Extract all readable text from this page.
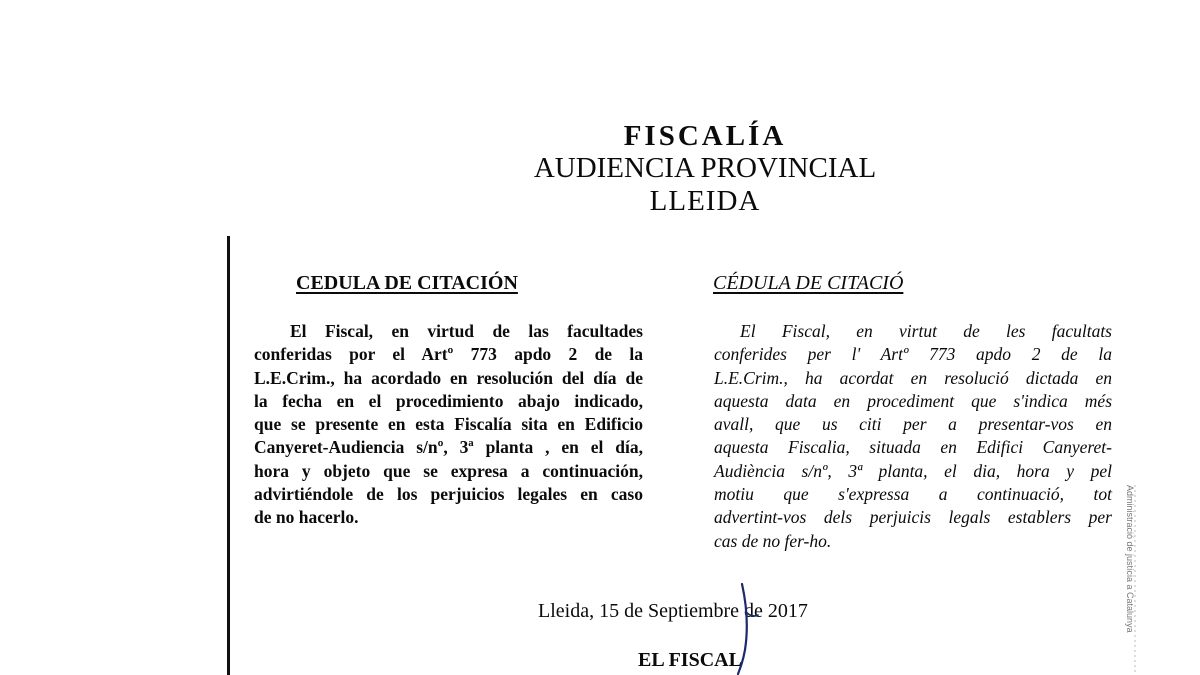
FISCALÍA
AUDIENCIA PROVINCIAL
LLEIDA
CEDULA DE CITACIÓN	CÉDULA DE CITACIÓ
El Fiscal, en virtud de las facultades
conferidas por el Artº 773 apdo 2 de la
L.E.Crim., ha acordado en resolución del día de
la fecha en el procedimiento abajo indicado,
que se presente en esta Fiscalía sita en Edificio
Canyeret-Audiencia s/nº, 3ª planta , en el día,
hora y objeto que se expresa a continuación,
advirtiéndole de los perjuicios legales en caso
de no hacerlo.
El Fiscal, en virtut de les facultats
conferides per l' Artº 773 apdo 2 de la
L.E.Crim., ha acordat en resolució dictada en
aquesta data en procediment que s'indica més
avall, que us citi per a presentar-vos en
aquesta Fiscalia, situada en Edifici Canyeret-
Audiència s/nº, 3ª planta, el dia, hora y pel
motiu que s'expressa a continuació, tot
advertint-vos dels perjuicis legals establers per
cas de no fer-ho.
Lleida, 15 de Septiembre de 2017
EL FISCAL
Administració de justícia a Catalunya
